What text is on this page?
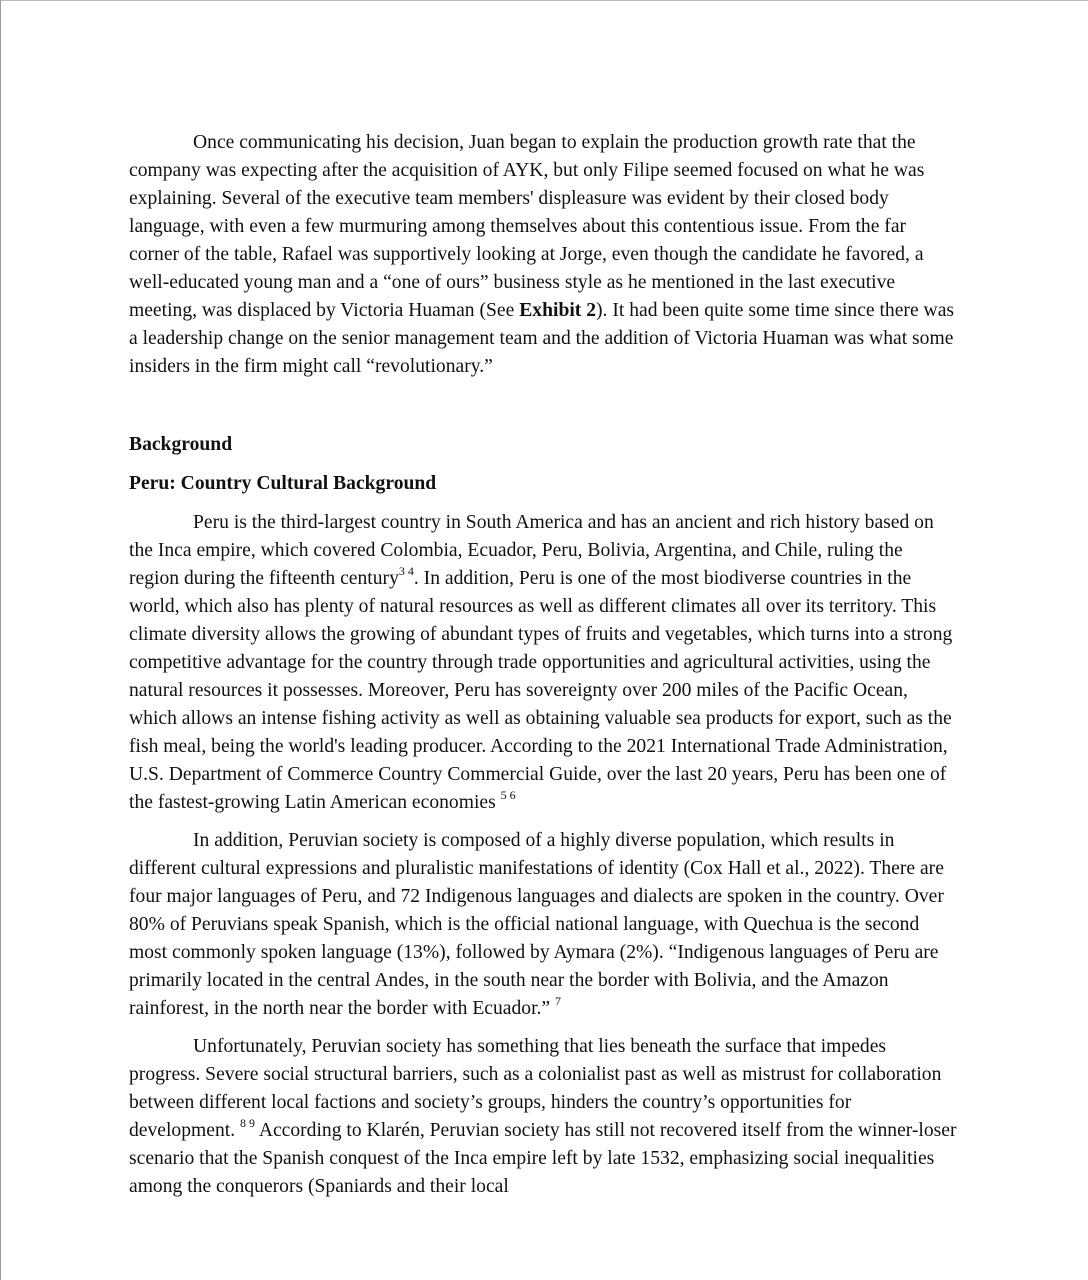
Once communicating his decision, Juan began to explain the production growth rate that the company was expecting after the acquisition of AYK, but only Filipe seemed focused on what he was explaining. Several of the executive team members' displeasure was evident by their closed body language, with even a few murmuring among themselves about this contentious issue. From the far corner of the table, Rafael was supportively looking at Jorge, even though the candidate he favored, a well-educated young man and a “one of ours” business style as he mentioned in the last executive meeting, was displaced by Victoria Huaman (See Exhibit 2). It had been quite some time since there was a leadership change on the senior management team and the addition of Victoria Huaman was what some insiders in the firm might call “revolutionary.”

Background

Peru: Country Cultural Background

Peru is the third-largest country in South America and has an ancient and rich history based on the Inca empire, which covered Colombia, Ecuador, Peru, Bolivia, Argentina, and Chile, ruling the region during the fifteenth century$^{3 4}$. In addition, Peru is one of the most biodiverse countries in the world, which also has plenty of natural resources as well as different climates all over its territory. This climate diversity allows the growing of abundant types of fruits and vegetables, which turns into a strong competitive advantage for the country through trade opportunities and agricultural activities, using the natural resources it possesses. Moreover, Peru has sovereignty over 200 miles of the Pacific Ocean, which allows an intense fishing activity as well as obtaining valuable sea products for export, such as the fish meal, being the world's leading producer. According to the 2021 International Trade Administration, U.S. Department of Commerce Country Commercial Guide, over the last 20 years, Peru has been one of the fastest-growing Latin American economies $^{5 6}$

In addition, Peruvian society is composed of a highly diverse population, which results in different cultural expressions and pluralistic manifestations of identity (Cox Hall et al., 2022). There are four major languages of Peru, and 72 Indigenous languages and dialects are spoken in the country. Over 80% of Peruvians speak Spanish, which is the official national language, with Quechua is the second most commonly spoken language (13%), followed by Aymara (2%). “Indigenous languages of Peru are primarily located in the central Andes, in the south near the border with Bolivia, and the Amazon rainforest, in the north near the border with Ecuador.” $^7$

Unfortunately, Peruvian society has something that lies beneath the surface that impedes progress. Severe social structural barriers, such as a colonialist past as well as mistrust for collaboration between different local factions and society’s groups, hinders the country’s opportunities for development. $^{8 9}$ According to Klarén, Peruvian society has still not recovered itself from the winner-loser scenario that the Spanish conquest of the Inca empire left by late 1532, emphasizing social inequalities among the conquerors (Spaniards and their local
